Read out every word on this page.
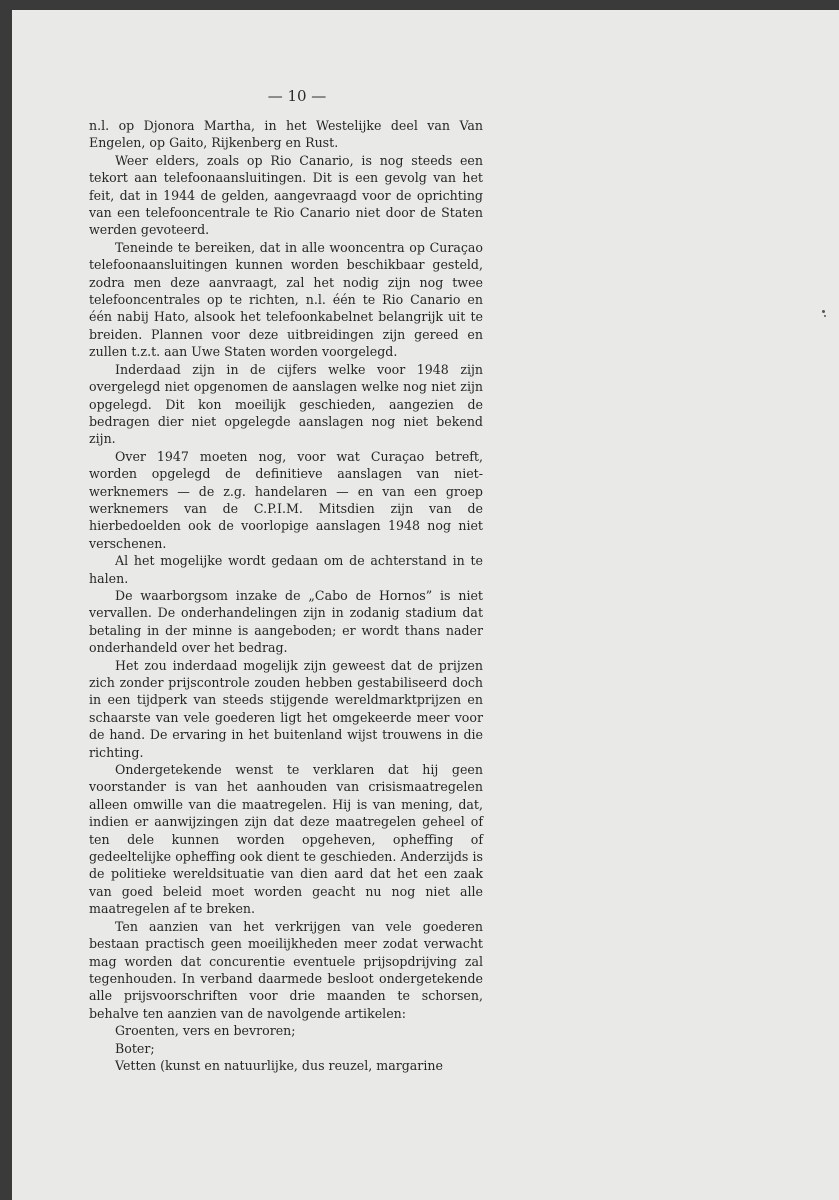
— 10 —

n.l. op Djonora Martha, in het Westelijke deel van Van Engelen, op Gaito, Rijkenberg en Rust.

Weer elders, zoals op Rio Canario, is nog steeds een tekort aan telefoonaansluitingen. Dit is een gevolg van het feit, dat in 1944 de gelden, aangevraagd voor de oprichting van een telefooncentrale te Rio Canario niet door de Staten werden gevoteerd.

Teneinde te bereiken, dat in alle wooncentra op Curaçao telefoonaansluitingen kunnen worden beschikbaar gesteld, zodra men deze aanvraagt, zal het nodig zijn nog twee telefooncentrales op te richten, n.l. één te Rio Canario en één nabij Hato, alsook het telefoonkabelnet belangrijk uit te breiden. Plannen voor deze uitbreidingen zijn gereed en zullen t.z.t. aan Uwe Staten worden voorgelegd.

Inderdaad zijn in de cijfers welke voor 1948 zijn overgelegd niet opgenomen de aanslagen welke nog niet zijn opgelegd. Dit kon moeilijk geschieden, aangezien de bedragen dier niet opgelegde aanslagen nog niet bekend zijn.

Over 1947 moeten nog, voor wat Curaçao betreft, worden opgelegd de definitieve aanslagen van niet-werknemers — de z.g. handelaren — en van een groep werknemers van de C.P.I.M. Mitsdien zijn van de hierbedoelden ook de voorlopige aanslagen 1948 nog niet verschenen.

Al het mogelijke wordt gedaan om de achterstand in te halen.

De waarborgsom inzake de „Cabo de Hornos” is niet vervallen. De onderhandelingen zijn in zodanig stadium dat betaling in der minne is aangeboden; er wordt thans nader onderhandeld over het bedrag.

Het zou inderdaad mogelijk zijn geweest dat de prijzen zich zonder prijscontrole zouden hebben gestabiliseerd doch in een tijdperk van steeds stijgende wereldmarktprijzen en schaarste van vele goederen ligt het omgekeerde meer voor de hand. De ervaring in het buitenland wijst trouwens in die richting.

Ondergetekende wenst te verklaren dat hij geen voorstander is van het aanhouden van crisismaatregelen alleen omwille van die maatregelen. Hij is van mening, dat, indien er aanwijzingen zijn dat deze maatregelen geheel of ten dele kunnen worden opgeheven, opheffing of gedeeltelijke opheffing ook dient te geschieden. Anderzijds is de politieke wereldsituatie van dien aard dat het een zaak van goed beleid moet worden geacht nu nog niet alle maatregelen af te breken.

Ten aanzien van het verkrijgen van vele goederen bestaan practisch geen moeilijkheden meer zodat verwacht mag worden dat concurentie eventuele prijsopdrijving zal tegenhouden. In verband daarmede besloot ondergetekende alle prijsvoorschriften voor drie maanden te schorsen, behalve ten aanzien van de navolgende artikelen:

Groenten, vers en bevroren;

Boter;

Vetten (kunst en natuurlijke, dus reuzel, margarine
